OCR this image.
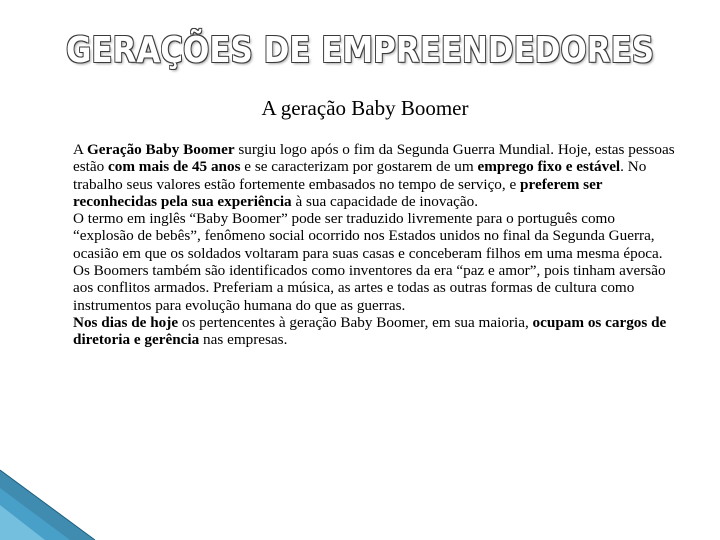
GERAÇÕES DE EMPREENDEDORES
A geração Baby Boomer

A Geração Baby Boomer surgiu logo após o fim da Segunda Guerra Mundial. Hoje, estas pessoas estão com mais de 45 anos e se caracterizam por gostarem de um emprego fixo e estável. No trabalho seus valores estão fortemente embasados no tempo de serviço, e preferem ser reconhecidas pela sua experiência à sua capacidade de inovação.

O termo em inglês “Baby Boomer” pode ser traduzido livremente para o português como “explosão de bebês”, fenômeno social ocorrido nos Estados unidos no final da Segunda Guerra, ocasião em que os soldados voltaram para suas casas e conceberam filhos em uma mesma época.

Os Boomers também são identificados como inventores da era “paz e amor”, pois tinham aversão aos conflitos armados. Preferiam a música, as artes e todas as outras formas de cultura como instrumentos para evolução humana do que as guerras.

Nos dias de hoje os pertencentes à geração Baby Boomer, em sua maioria, ocupam os cargos de diretoria e gerência nas empresas.
